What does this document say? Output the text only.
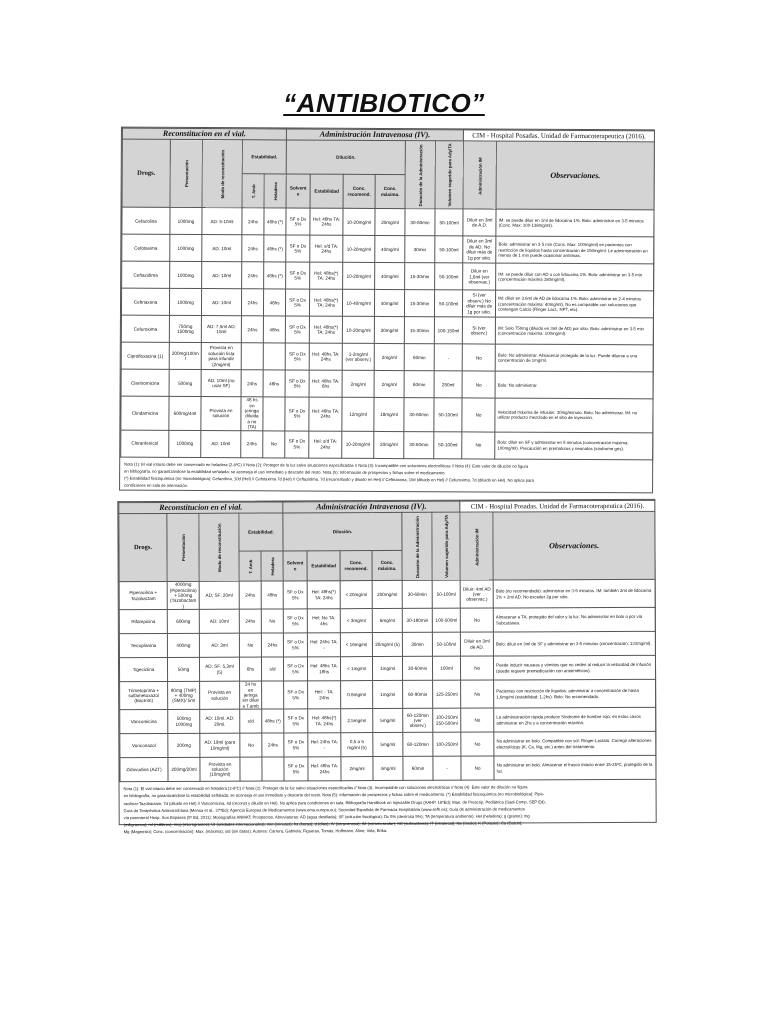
“ANTIBIOTICO”
Reconstitucion en el vial.					Administración Intravenosa (IV).						CIM - Hospital Posadas. Unidad de Farmacoterapeutica (2016).	
Drogs.	Presentación	Modo de reconstitución	Estabilidad.		Dilución.				Duración de la Administración	Volumen sugerido para Ady/TA	Administración IM	Observaciones.
			T. Amb	Heladera	Solvente	Estabilidad	Conc. recomend.	Conc. máxima.				
Cefazolina	1000mg	AD: 5-10ml	24hs	48hs (*)	SF o Dx 5%	Hel: 48hs TA: 24hs	10-20mg/ml	20mg/ml	30-60min	50-100ml	Diluir en 3ml de A.D.	IM: se puede diluir en 1ml de lidocaína 1%. Bolo: administrar en 3-5 minutos (Conc. Max: 100-138mg/ml).
Cefotaxima	1000mg	AD: 10ml	24hs	48hs (*)	SF o Dx 5%	Hel: s/d TA: 24hs	10-20mg/ml	40mg/ml	30min	50-100ml	Diluir en 3ml de AD. No diluir más de 1g por sitio.	Bolo: administrar en 3-5 min (Conc. Max: 100mg/ml) en pacientes con restricción de líquidos hasta concentración de 150mg/ml. Le administración en menos de 1 min puede ocasionar arritmias.
Ceftazidima	1000mg	AD: 10ml	24hs	48hs (*)	SF o Dx 5%	Hel: 48hs(*) TA: 24hs	10-20mg/ml	40mg/ml	15-30min	50-100ml	Diluir en 1,6ml (ver observac.)	IM: se puede diluir con AD o con lidocaína 1%. Bolo: administrar en 3-5 min (concentración máxima 180mg/ml).
Ceftriaxona	1000mg	AD: 10ml	24hs	48hs	SF o Dx 5%	Hel: 48hs(*) TA: 24hs	10-40mg/ml	40mg/ml	15-30min	50-100ml	Si (ver observ.) No diluir más de 1g por sitio.	IM: diluir en 3,6ml de AD de lidocaína 1%. Bolo: administrar en 2-4 minutos (concentración máxima: 40mg/ml). No es compatible con soluciones que contengan Calcio (Ringer Lact., NPT, etc).
Cefuroxima	750mg 1500mg	AD: 7,5ml AD: 15ml	24hs	48hs	SF o Dx 5%	Hel: 48hs(*) TA: 24hs	10-20mg/ml	30mg/ml	15-30min	100-150ml	Si (ver observ.)	IM: Solo 750mg (diluido en 3ml de AD) por sitio. Bolo: administrar en 3-5 min (concentración máxima: 100mg/ml).
Ciprofloxacina (1)	200mg/100ml	Provista en solución lista para infundir (2mg/ml)			SF o Dx 5%	Hel: 48hs TA: 24hs	1-2mg/ml (ver observ.)	2mg/ml	60min	-	No	Bolo: No administrar. Almacenar protegido de la luz. Puede diluirse a una concentración de 1mg/ml.
Claritromicina	500mg	AD: 10ml (no usar SF)	24hs	48hs	SF o Dx 5%	Hel: 48hs TA: 6hs	2mg/ml	2mg/ml	60min	250ml	No	Bolo: No administrar.
Clindamicina	600mg/4ml	Provista en solución	48 hs en jeringa diluida a no (TA)		SF o Dx 5%	Hel: 48hs TA: 24hs	12mg/ml	18mg/ml	30-60min	50-100ml	No	Velocidad máxima de infusión: 30mg/minuto. Bolo: No administrar. IM: no utilizar producto mezclado en el sitio de inyección.
Cloranfenicol	1000mg	AD: 10ml	24hs	No	SF o Dx 5%	Hel: s/d TA: 24hs	10-20mg/ml	20mg/ml	30-60min	50-100ml	No	Bolo: diluir en SF y administrar en 5 minutos (concentración máxima: 100mg/ml). Precaución en prematuros y neonatos (síndrome gris).
Nota (1): El vial intacto debe ser conservado en heladera (2-8ºC) // Nota (2): Proteger de la luz salvo situaciones especificadas // Nota (3): Incompatible con soluciones electrolíticas // Nota (4): Este valor de dilución no figura
en bibliografía, no garantizándose la estabilidad señalada; se aconseja el uso inmediato y descarte del resto. Nota (5): Información de prospectos y fichas sobre el medicamento.
(*) Estabilidad fisicoquímica (no microbiológica): Cefazolina, 10d (Hel) // Cefotaxima 7d (Hel) // Ceftazidima, 7d (reconstituido y diluido en Hel) // Ceftriaxona, 10d (diluido en Hel) // Cefuroxima, 7d (diluido en Hel). No aplica para
condiciones en sala de internación.
Reconstitucion en el vial.					Administración Intravenosa (IV).						CIM - Hospital Posadas. Unidad de Farmacoterapeutica (2016).	
Drogs.	Presentación	Modo de reconstitución	Estabilidad.		Dilución.				Duración de la Administración	Volumen sugerido para Ady/TA	Administración IM	Observaciones.
			T. Amb	Heladera	Solvente	Estabilidad	Conc. recomend.	Conc. máxima.				
Piperacilina + Tazobactam	4000mg (Piperacilina) + 500mg (Tazobactam)	AD; SF: 20ml	24hs	48hs	SF o Dx 5%	Hel: 48hs(*) TA: 24hs	< 20mg/ml	200mg/ml	30-60min	50-100ml	Diluir: 4ml AD (ver observac.)	Bolo (no recomendado): administrar en 3-5 minutos. IM: también 2ml de lidocaína 1% + 2ml AD. No exceder 2g por sitio.
Rifampicina	600mg	AD: 10ml	24hs	No	SF o Dx 5%	Hel: No TA: 4hs	< 3mg/ml	6mg/ml	30-180min	100-500ml	No	Almacenar a TA, protegido del calor y la luz. No administrar en bolo o por vía Subcutánea.
Teicoplanina	400mg	AD: 3ml	No	24hs	SF o Dx 5%	Hel: 24hs TA: -	< 16mg/ml	20mg/ml (5)	30min	50-100ml	Diluir en 3ml de AD.	Bolo: diluir en 3ml de SF y administrar en 3-5 minutos (concentración: 133mg/ml).
Tigeciclina	50mg	AD; SF: 5,3ml (5)	6hs	s/d	SF o Dx 5%	Hel: 48hs TA: 18hs	< 1mg/ml	1mg/ml	30-60min	100ml	No	Puede inducir nauseas y vómitos que no ceden al reducir la velocidad de infusión (puede requerir premedicación con antieméticos).
Trimetoprima + sulfametoxazol (Bactrim)	80mg (TMP) + 400mg (SMX)/ 5ml	Provista en solución	24 hs en jeringa sin diluir a T.amb		SF o Dx 5%	Hel: - TA: 24hs	0,6mg/ml	1mg/ml	60-90min	125-250ml	No	Pacientes con restricción de líquidos: administrar a concentración de hasta 1,6mg/ml (estabilidad: 1-2hs). Bolo: No recomendado.
Vancomicina	500mg 1000mg	AD: 10ml. AD: 20ml.	s/d	48hs (*)	SF o Dx 5%	Hel: 48hs(*) TA: 24hs	2,5mg/ml	5mg/ml	60-120min (ver observ.)	100-250ml 250-500ml	No	La administración rápida produce Síndrome de hombre rojo; en estos casos administrar en 2hs y a concentración máxima.
Voriconazol	200mg	AD: 19ml (para 10mg/ml)	No	24hs	SF o Dx 5%	Hel: 24hs TA: -	0,5 a 5 mg/ml (5)	5mg/ml	60-120min	100-250ml	No	No administrar en bolo. Compatible con sol. Ringer-Lactato. Corregir alteraciones electrolíticas (K, Ca, Mg, etc.) antes del tratamiento.
Zidovudina (AZT)	200mg/20ml	Provista en solución (10mg/ml)			SF o Dx 5%	Hel: 48hs TA: 24hs	2mg/ml	4mg/ml	60min	-	No	No administrar en bolo. Almacenar el frasco intacto entre 15-25ºC, protegido de la luz.
Nota (1): El vial intacto debe ser conservado en heladera (2-8ºC) // Nota (2): Proteger de la luz salvo situaciones especificadas // Nota (3): Incompatible con soluciones electrolíticas // Nota (4): Este valor de dilución no figura
en bibliografía, no garantizándose la estabilidad señalada; se aconseja el uso inmediato y descarte del resto. Nota (5): Información de prospectos y fichas sobre el medicamento. (*) Estabilidad fisicoquímica (no microbiológica): Pipe-
racilina+Tazobactam, 7d (diluido en Hel) // Vancomicina, 4d (reconst y diluido en Hel). No aplica para condiciones en sala. Bibliografía Handbook on Injectable Drugs (AAHP, 18ºEd); Man. de Prescrip. Pediátrica (Sael-Comp, SEP Ed);
Guía de Terapéutica Antimicrobiana (Mensa et al., 27ºEd); Agencia Europea de Medicamentos (www.ema.europa.eu); Sociedad Española de Farmacia Hospitalaria (www.sefh.es); Guía de administración de medicamentos
vía parenteral Hosp. Son Espases (5º Ed, 2011); Monografías ANMAT; Prospectos. Abreviaturas: AD (agua destilada); SF (solución fisiológica); Dx 5% (dextrosa 5%); TA (temperatura ambiente); Hel (heladera); g (gramo); mg
(miligramos); ml (mililitros); mcg (microgramos); UI (unidades internacionales); min (minutos); hs (horas); d (días); IV (intravenosa); IM (intramuscular); SC (subcutánea); IT (intratecal); Na (Sodio); K (Potasio); Ca (Calcio);
Mg (Magnesio); Conc. (concentración); Max. (máxima); s/d (sin datos). Autores: Carrera, Gabriela; Figueras, Tomás; Hoffmann, Aline; Vela, Erika.
